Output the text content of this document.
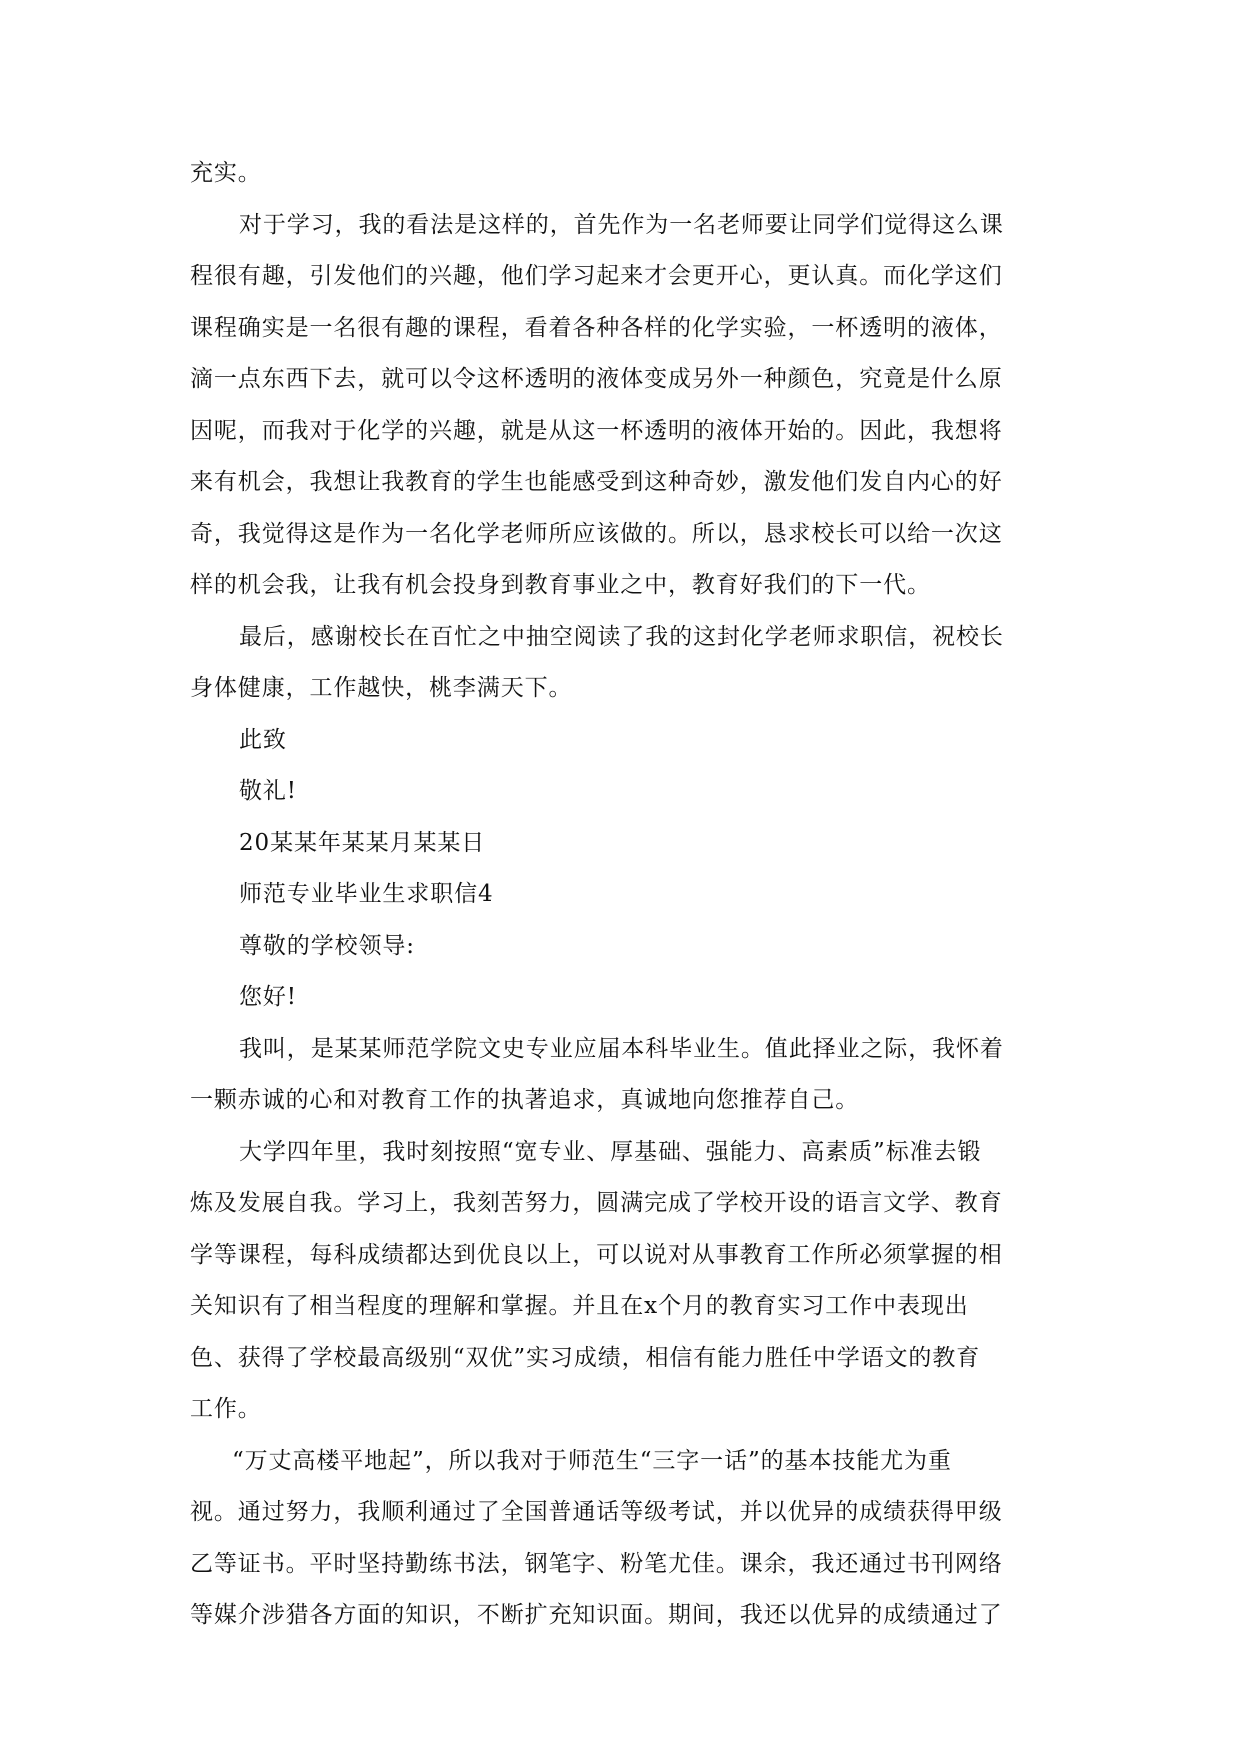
充实。
对于学习，我的看法是这样的，首先作为一名老师要让同学们觉得这么课
程很有趣，引发他们的兴趣，他们学习起来才会更开心，更认真。而化学这们
课程确实是一名很有趣的课程，看着各种各样的化学实验，一杯透明的液体，
滴一点东西下去，就可以令这杯透明的液体变成另外一种颜色，究竟是什么原
因呢，而我对于化学的兴趣，就是从这一杯透明的液体开始的。因此，我想将
来有机会，我想让我教育的学生也能感受到这种奇妙，激发他们发自内心的好
奇，我觉得这是作为一名化学老师所应该做的。所以，恳求校长可以给一次这
样的机会我，让我有机会投身到教育事业之中，教育好我们的下一代。
最后，感谢校长在百忙之中抽空阅读了我的这封化学老师求职信，祝校长
身体健康，工作越快，桃李满天下。
此致
敬礼!
20某某年某某月某某日
师范专业毕业生求职信4
尊敬的学校领导:
您好!
我叫，是某某师范学院文史专业应届本科毕业生。值此择业之际，我怀着
一颗赤诚的心和对教育工作的执著追求，真诚地向您推荐自己。
大学四年里，我时刻按照“宽专业、厚基础、强能力、高素质”标准去锻
炼及发展自我。学习上，我刻苦努力，圆满完成了学校开设的语言文学、教育
学等课程，每科成绩都达到优良以上，可以说对从事教育工作所必须掌握的相
关知识有了相当程度的理解和掌握。并且在x个月的教育实习工作中表现出
色、获得了学校最高级别“双优”实习成绩，相信有能力胜任中学语文的教育
工作。
“万丈高楼平地起”，所以我对于师范生“三字一话”的基本技能尤为重
视。通过努力，我顺利通过了全国普通话等级考试，并以优异的成绩获得甲级
乙等证书。平时坚持勤练书法，钢笔字、粉笔尤佳。课余，我还通过书刊网络
等媒介涉猎各方面的知识，不断扩充知识面。期间，我还以优异的成绩通过了
